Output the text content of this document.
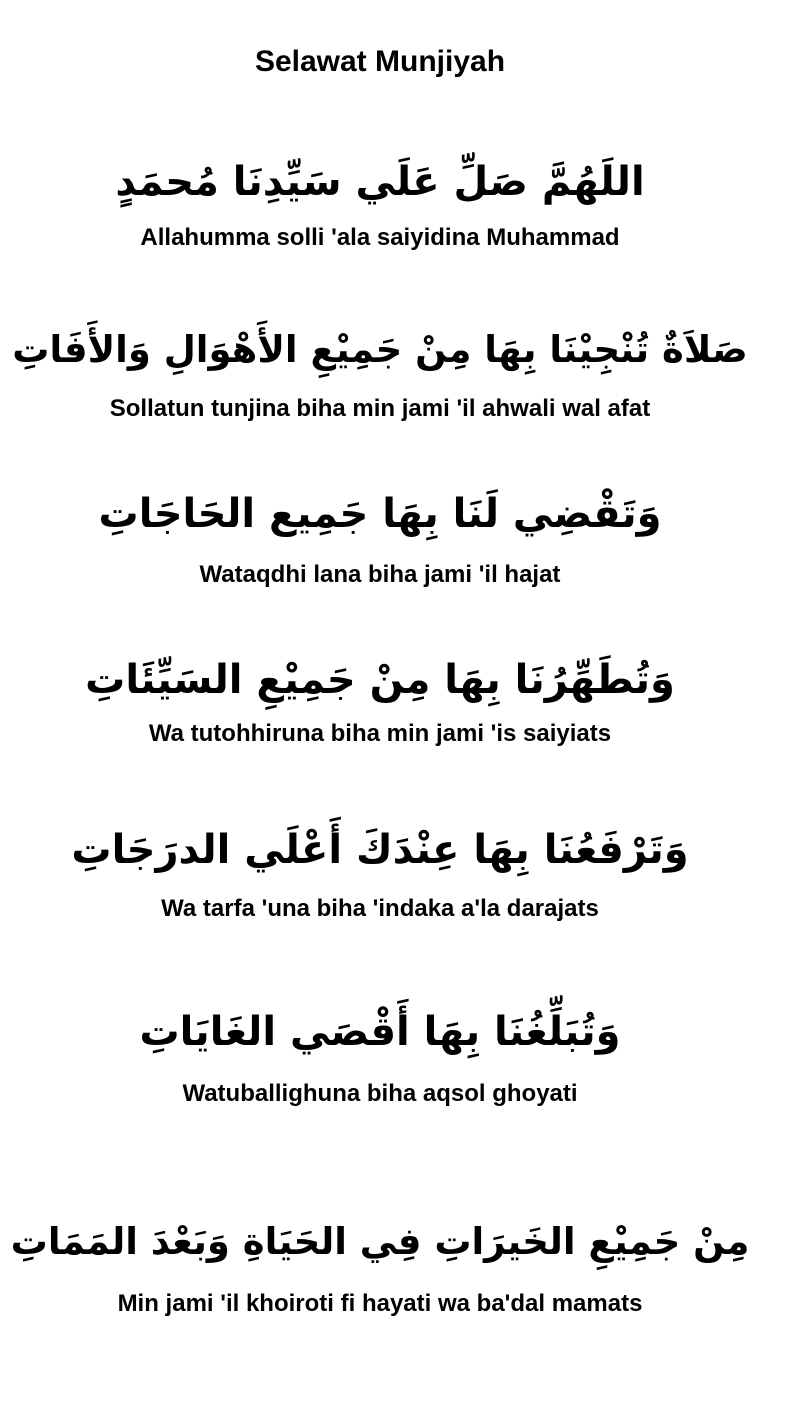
Selawat Munjiyah
اللَهُمَّ صَلِّ عَلَي سَيِّدِنَا مُحمَدٍ
Allahumma solli 'ala saiyidina Muhammad
صَلاَةٌ تُنْجِيْنَا بِهَا مِنْ جَمِيْعِ الأَهْوَالِ وَالأَفَاتِ
Sollatun tunjina biha min jami 'il ahwali wal afat
وَتَقْضِي لَنَا بِهَا جَمِيع الحَاجَاتِ
Wataqdhi lana biha jami 'il hajat
وَتُطَهِّرُنَا بِهَا مِنْ جَمِيْعِ السَيِّئَاتِ
Wa tutohhiruna biha min jami 'is saiyiats
وَتَرْفَعُنَا بِهَا عِنْدَكَ أَعْلَي الدرَجَاتِ
Wa tarfa 'una biha 'indaka a'la darajats
وَتُبَلِّغُنَا بِهَا أَقْصَي الغَايَاتِ
Watuballighuna biha aqsol ghoyati
مِنْ جَمِيْعِ الخَيرَاتِ فِي الحَيَاةِ وَبَعْدَ المَمَاتِ
Min jami 'il khoiroti fi hayati wa ba'dal mamats
